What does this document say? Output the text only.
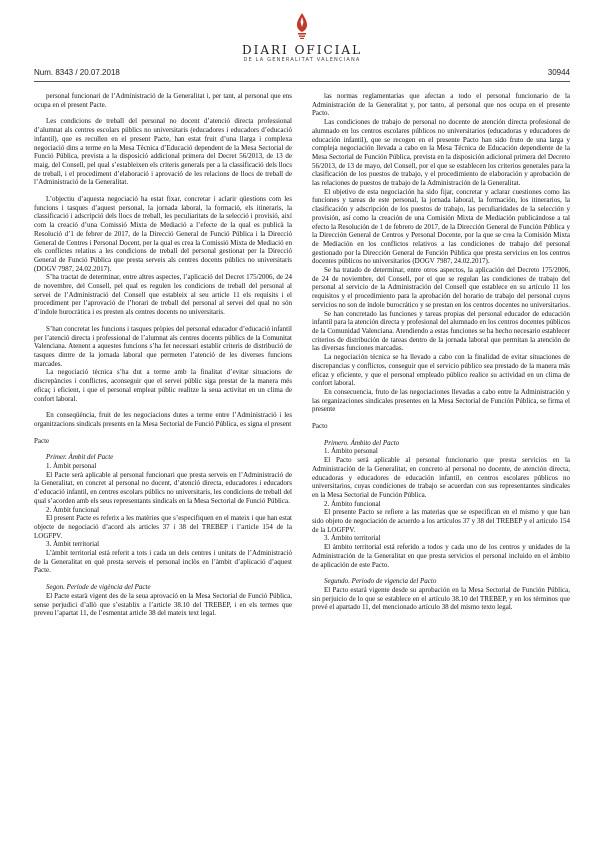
DIARI OFICIAL
DE LA GENERALITAT VALENCIANA
Num. 8343 / 20.07.2018	30944

personal funcionari de l’Administració de la Generalitat i, per tant, al personal que ens ocupa en el present Pacte.

Les condicions de treball del personal no docent d’atenció directa professional d’alumnat als centres escolars públics no universitaris (educadores i educadors d’educació infantil), que es recullen en el present Pacte, han estat fruit d’una llarga i complexa negociació dins a terme en la Mesa Tècnica d’Educació dependent de la Mesa Sectorial de Funció Pública, prevista a la disposició addicional primera del Decret 56/2013, de 13 de maig, del Consell, pel qual s’estableixen els criteris generals per a la classificació dels llocs de treball, i el procediment d’elaboració i aprovació de les relacions de llocs de treball de l’Administració de la Generalitat.

L’objectiu d’aquesta negociació ha estat fixar, concretar i aclarir qüestions com les funcions i tasques d’aquest personal, la jornada laboral, la formació, els itineraris, la classificació i adscripció dels llocs de treball, les peculiaritats de la selecció i provisió, així com la creació d’una Comissió Mixta de Mediació a l’efecte de la qual es publicà la Resolució d’1 de febrer de 2017, de la Direcció General de Funció Pública i la Direcció General de Centres i Personal Docent, per la qual es crea la Comissió Mixta de Mediació en els conflictes relatius a les condicions de treball del personal gestionat per la Direcció General de Funció Pública que presta serveis als centres docents públics no universitaris (DOGV 7987, 24.02.2017).

S’ha tractat de determinar, entre altres aspectes, l’aplicació del Decret 175/2006, de 24 de novembre, del Consell, pel qual es regulen les condicions de treball del personal al servei de l’Administració del Consell que estableix al seu article 11 els requisits i el procediment per l’aprovació de l’horari de treball del personal al servei del qual no són d’índole burocràtica i es presten als centres docents no universitaris.

S’han concretat les funcions i tasques pròpies del personal educador d’educació infantil per l’atenció directa i professional de l’alumnat als centres docents públics de la Comunitat Valenciana. Atenent a aquestes funcions s’ha fet necessari establir criteris de distribució de tasques dintre de la jornada laboral que permeten l’atenció de les diverses funcions marcades.

La negociació tècnica s’ha dut a terme amb la finalitat d’evitar situacions de discrepàncies i conflictes, aconseguir que el servei públic siga prestat de la manera més eficaç i eficient, i que el personal empleat públic realitze la seua activitat en un clima de confort laboral.

En conseqüència, fruit de les negociacions dutes a terme entre l’Administració i les organitzacions sindicals presents en la Mesa Sectorial de Funció Pública, es signa el present

Pacte

Primer. Àmbit del Pacte

1. Àmbit personal

El Pacte serà aplicable al personal funcionari que presta serveis en l’Administració de la Generalitat, en concret al personal no docent, d’atenció directa, educadores i educadors d’educació infantil, en centres escolars públics no universitaris, les condicions de treball del qual s’acorden amb els seus representants sindicals en la Mesa Sectorial de Funció Pública.

2. Àmbit funcional

El present Pacte es referix a les matèries que s’especifiquen en el mateix i que han estat objecte de negociació d’acord als articles 37 i 38 del TREBEP i l’article 154 de la LOGFPV.

3. Àmbit territorial

L’àmbit territorial està referit a tots i cada un dels centres i unitats de l’Administració de la Generalitat en què presta serveis el personal inclòs en l’àmbit d’aplicació d’aquest Pacte.

Segon. Període de vigència del Pacte

El Pacte estarà vigent des de la seua aprovació en la Mesa Sectorial de Funció Pública, sense perjudici d’allò que s’establix a l’article 38.10 del TREBEP, i en els termes que preveu l’apartat 11, de l’esmentat article 38 del mateix text legal.

las normas reglamentarias que afectan a todo el personal funcionario de la Administración de la Generalitat y, por tanto, al personal que nos ocupa en el presente Pacto.

Las condiciones de trabajo de personal no docente de atención directa profesional de alumnado en los centros escolares públicos no universitarios (educadoras y educadores de educación infantil), que se recogen en el presente Pacto han sido fruto de una larga y compleja negociación llevada a cabo en la Mesa Técnica de Educación dependiente de la Mesa Sectorial de Función Pública, prevista en la disposición adicional primera del Decreto 56/2013, de 13 de mayo, del Consell, por el que se establecen los criterios generales para la clasificación de los puestos de trabajo, y el procedimiento de elaboración y aprobación de las relaciones de puestos de trabajo de la Administración de la Generalitat.

El objetivo de esta negociación ha sido fijar, concretar y aclarar cuestiones como las funciones y tareas de este personal, la jornada laboral, la formación, los itinerarios, la clasificación y adscripción de los puestos de trabajo, las peculiaridades de la selección y provisión, así como la creación de una Comisión Mixta de Mediación publicándose a tal efecto la Resolución de 1 de febrero de 2017, de la Dirección General de Función Pública y la Dirección General de Centros y Personal Docente, por la que se crea la Comisión Mixta de Mediación en los conflictos relativos a las condiciones de trabajo del personal gestionado por la Dirección General de Función Pública que presta servicios en los centros docentes públicos no universitarios (DOGV 7987, 24.02.2017).

Se ha tratado de determinar, entre otros aspectos, la aplicación del Decreto 175/2006, de 24 de noviembre, del Consell, por el que se regulan las condiciones de trabajo del personal al servicio de la Administración del Consell que establece en su artículo 11 los requisitos y el procedimiento para la aprobación del horario de trabajo del personal cuyos servicios no son de índole burocrático y se prestan en los centros docentes no universitarios.

Se han concretado las funciones y tareas propias del personal educador de educación infantil para la atención directa y profesional del alumnado en los centros docentes públicos de la Comunidad Valenciana. Atendiendo a estas funciones se ha hecho necesario establecer criterios de distribución de tareas dentro de la jornada laboral que permitan la atención de las diversas funciones marcadas.

La negociación técnica se ha llevado a cabo con la finalidad de evitar situaciones de discrepancias y conflictos, conseguir que el servicio público sea prestado de la manera más eficaz y eficiente, y que el personal empleado público realice su actividad en un clima de confort laboral.

En consecuencia, fruto de las negociaciones llevadas a cabo entre la Administración y las organizaciones sindicales presentes en la Mesa Sectorial de Función Pública, se firma el presente

Pacto

Primero. Ámbito del Pacto

1. Ámbito personal

El Pacto será aplicable al personal funcionario que presta servicios en la Administración de la Generalitat, en concreto al personal no docente, de atención directa, educadoras y educadores de educación infantil, en centros escolares públicos no universitarios, cuyas condiciones de trabajo se acuerdan con sus representantes sindicales en la Mesa Sectorial de Función Pública.

2. Ámbito funcional

El presente Pacto se refiere a las materias que se especifican en el mismo y que han sido objeto de negociación de acuerdo a los artículos 37 y 38 del TREBEP y el artículo 154 de la LOGFPV.

3. Ámbito territorial

El ámbito territorial está referido a todos y cada uno de los centros y unidades de la Administración de la Generalitat en que presta servicios el personal incluido en el ámbito de aplicación de este Pacto.

Segundo. Periodo de vigencia del Pacto

El Pacto estará vigente desde su aprobación en la Mesa Sectorial de Función Pública, sin perjuicio de lo que se establece en el artículo 38.10 del TREBEP, y en los términos que prevé el apartado 11, del mencionado artículo 38 del mismo texto legal.
